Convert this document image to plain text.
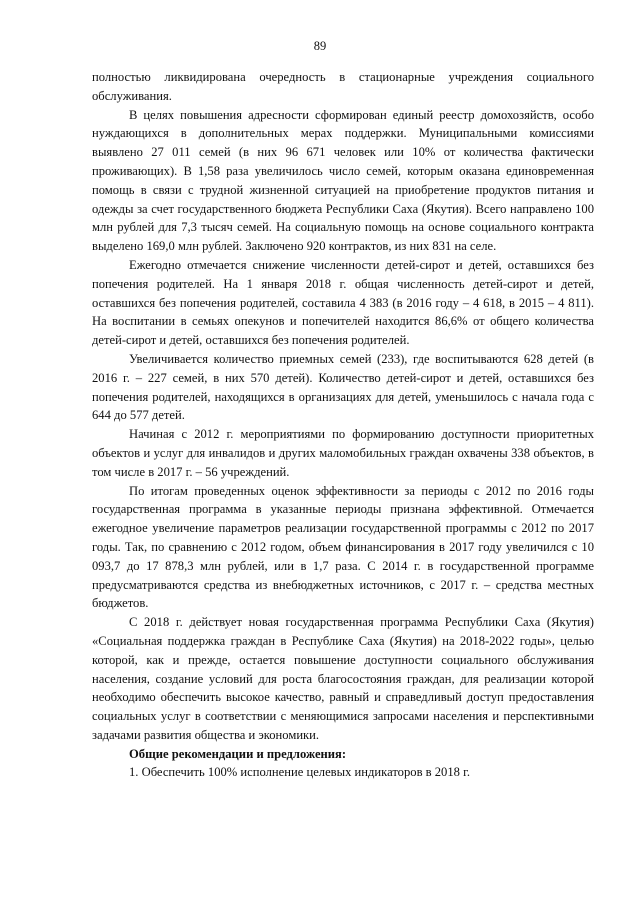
89

полностью ликвидирована очередность в стационарные учреждения социального обслуживания.

В целях повышения адресности сформирован единый реестр домохозяйств, особо нуждающихся в дополнительных мерах поддержки. Муниципальными комиссиями выявлено 27 011 семей (в них 96 671 человек или 10% от количества фактически проживающих). В 1,58 раза увеличилось число семей, которым оказана единовременная помощь в связи с трудной жизненной ситуацией на приобретение продуктов питания и одежды за счет государственного бюджета Республики Саха (Якутия). Всего направлено 100 млн рублей для 7,3 тысяч семей. На социальную помощь на основе социального контракта выделено 169,0 млн рублей. Заключено 920 контрактов, из них 831 на селе.

Ежегодно отмечается снижение численности детей-сирот и детей, оставшихся без попечения родителей. На 1 января 2018 г. общая численность детей-сирот и детей, оставшихся без попечения родителей, составила 4 383 (в 2016 году – 4 618, в 2015 – 4 811). На воспитании в семьях опекунов и попечителей находится 86,6% от общего количества детей-сирот и детей, оставшихся без попечения родителей.

Увеличивается количество приемных семей (233), где воспитываются 628 детей (в 2016 г. – 227 семей, в них 570 детей). Количество детей-сирот и детей, оставшихся без попечения родителей, находящихся в организациях для детей, уменьшилось с начала года с 644 до 577 детей.

Начиная с 2012 г. мероприятиями по формированию доступности приоритетных объектов и услуг для инвалидов и других маломобильных граждан охвачены 338 объектов, в том числе в 2017 г. – 56 учреждений.

По итогам проведенных оценок эффективности за периоды с 2012 по 2016 годы государственная программа в указанные периоды признана эффективной. Отмечается ежегодное увеличение параметров реализации государственной программы с 2012 по 2017 годы. Так, по сравнению с 2012 годом, объем финансирования в 2017 году увеличился с 10 093,7 до 17 878,3 млн рублей, или в 1,7 раза. С 2014 г. в государственной программе предусматриваются средства из внебюджетных источников, с 2017 г. – средства местных бюджетов.

С 2018 г. действует новая государственная программа Республики Саха (Якутия) «Социальная поддержка граждан в Республике Саха (Якутия) на 2018-2022 годы», целью которой, как и прежде, остается повышение доступности социального обслуживания населения, создание условий для роста благосостояния граждан, для реализации которой необходимо обеспечить высокое качество, равный и справедливый доступ предоставления социальных услуг в соответствии с меняющимися запросами населения и перспективными задачами развития общества и экономики.

Общие рекомендации и предложения:

1. Обеспечить 100% исполнение целевых индикаторов в 2018 г.
